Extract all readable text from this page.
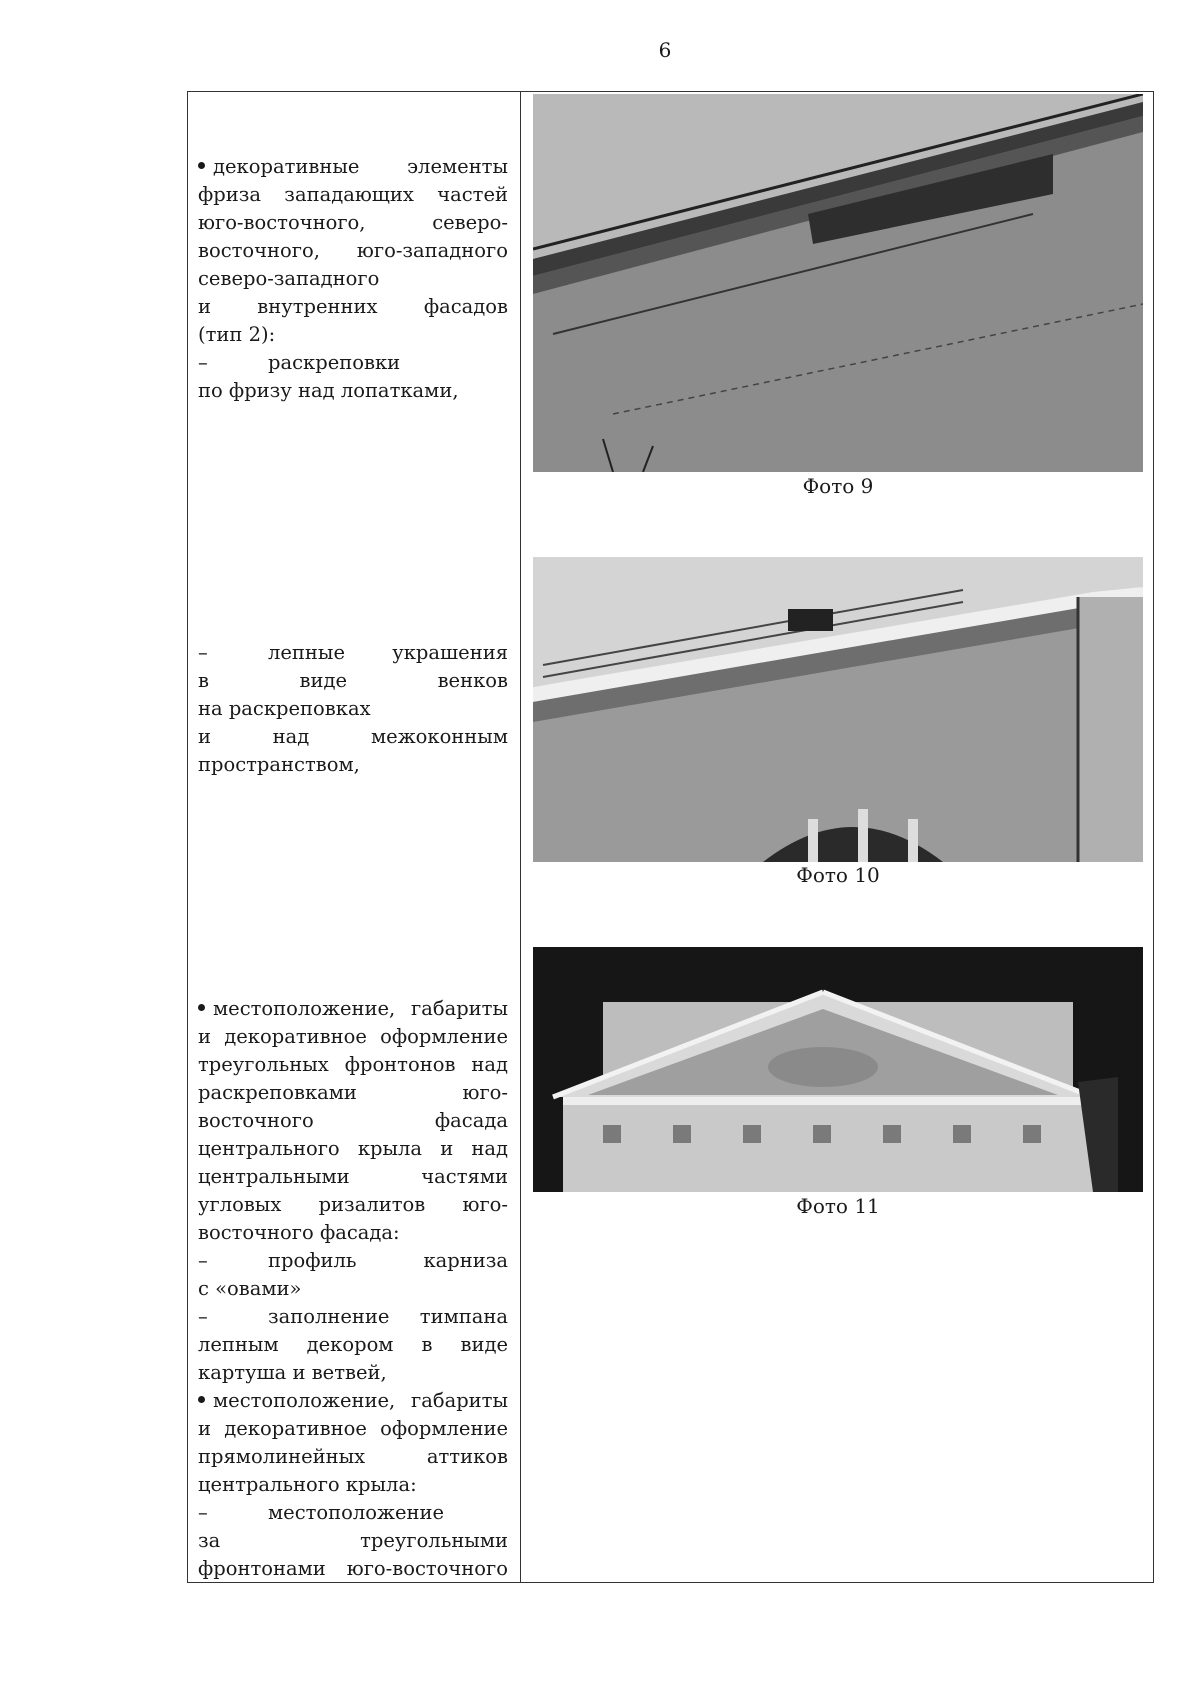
6
декоративные элементы
фриза западающих частей
юго-восточного, северо-
восточного, юго-западного
северо-западного
и внутренних фасадов
(тип 2):
–	раскреповки
по фризу над лопатками,
Фото 9
–	лепные украшения
в виде венков
на раскреповках
и над межоконным
пространством,
Фото 10
местоположение, габариты
и декоративное оформление
треугольных фронтонов над
раскреповками юго-
восточного фасада
центрального крыла и над
центральными частями
угловых ризалитов юго-
восточного фасада:
–	профиль карниза
с «овами»
–	заполнение тимпана
лепным декором в виде
картуша и ветвей,
местоположение, габариты
и декоративное оформление
прямолинейных аттиков
центрального крыла:
–	местоположение
за треугольными
фронтонами юго-восточного
Фото 11
